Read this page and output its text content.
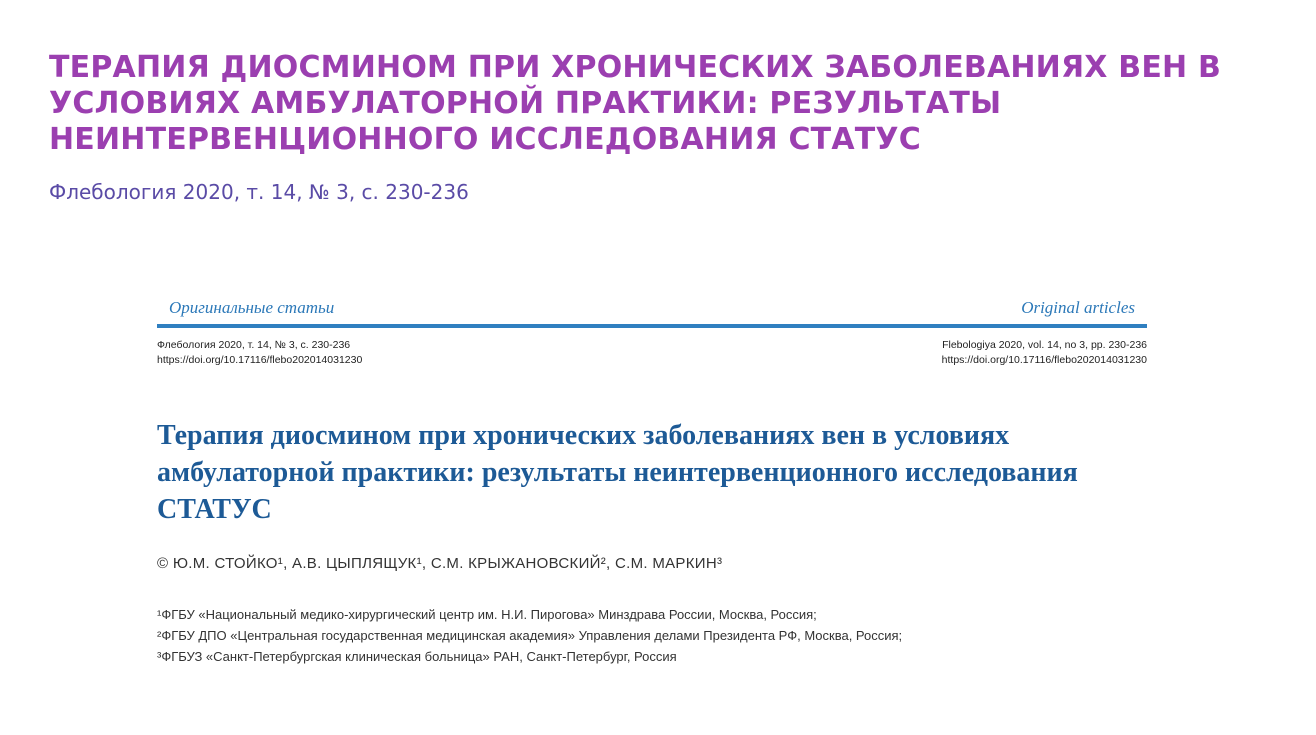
ТЕРАПИЯ ДИОСМИНОМ ПРИ ХРОНИЧЕСКИХ ЗАБОЛЕВАНИЯХ ВЕН В УСЛОВИЯХ АМБУЛАТОРНОЙ ПРАКТИКИ: РЕЗУЛЬТАТЫ НЕИНТЕРВЕНЦИОННОГО ИССЛЕДОВАНИЯ СТАТУС

Флебология 2020, т. 14, № 3, с. 230-236

Оригинальные статьи	Original articles
Флебология 2020, т. 14, № 3, с. 230-236
https://doi.org/10.17116/flebo202014031230
Flebologiya 2020, vol. 14, no 3, pp. 230-236
https://doi.org/10.17116/flebo202014031230
Терапия диосмином при хронических заболеваниях вен в условиях амбулаторной практики: результаты неинтервенционного исследования СТАТУС
© Ю.М. СТОЙКО¹, А.В. ЦЫПЛЯЩУК¹, С.М. КРЫЖАНОВСКИЙ², С.М. МАРКИН³
¹ФГБУ «Национальный медико-хирургический центр им. Н.И. Пирогова» Минздрава России, Москва, Россия;
²ФГБУ ДПО «Центральная государственная медицинская академия» Управления делами Президента РФ, Москва, Россия;
³ФГБУЗ «Санкт-Петербургская клиническая больница» РАН, Санкт-Петербург, Россия
